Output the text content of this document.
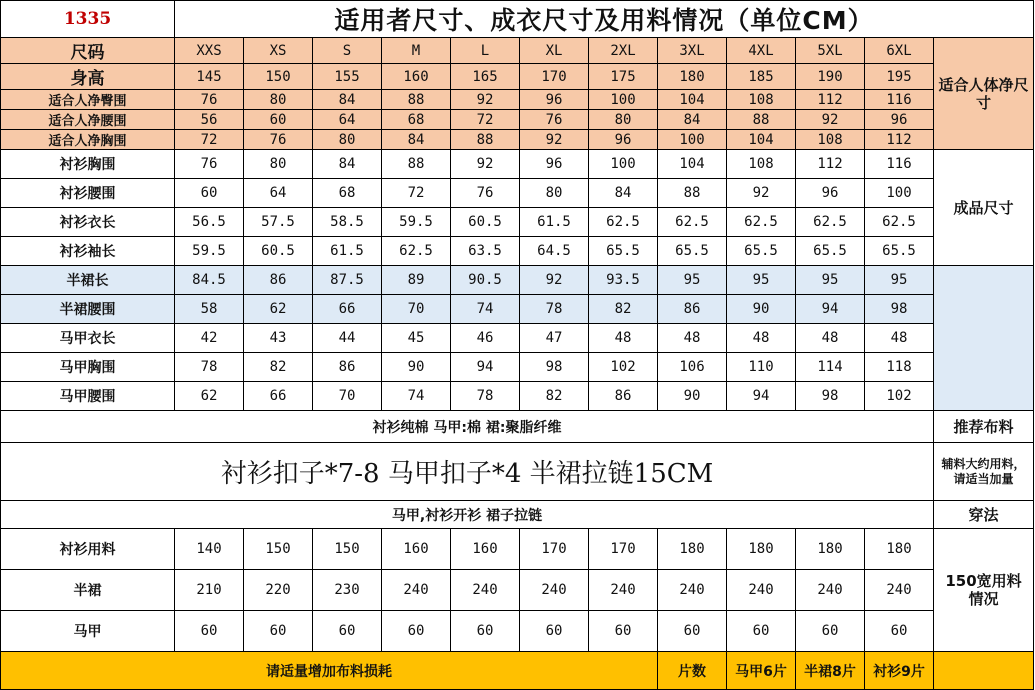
1335	适用者尺寸、成衣尺寸及用料情况（单位CM）											
尺码	XXS	XS	S	M	L	XL	2XL	3XL	4XL	5XL	6XL	适合人体净尺寸
身高	145	150	155	160	165	170	175	180	185	190	195	
适合人净臀围	76	80	84	88	92	96	100	104	108	112	116	
适合人净腰围	56	60	64	68	72	76	80	84	88	92	96	
适合人净胸围	72	76	80	84	88	92	96	100	104	108	112	
衬衫胸围	76	80	84	88	92	96	100	104	108	112	116	成品尺寸
衬衫腰围	60	64	68	72	76	80	84	88	92	96	100	
衬衫衣长	56.5	57.5	58.5	59.5	60.5	61.5	62.5	62.5	62.5	62.5	62.5	
衬衫袖长	59.5	60.5	61.5	62.5	63.5	64.5	65.5	65.5	65.5	65.5	65.5	
半裙长	84.5	86	87.5	89	90.5	92	93.5	95	95	95	95	
半裙腰围	58	62	66	70	74	78	82	86	90	94	98	
马甲衣长	42	43	44	45	46	47	48	48	48	48	48	
马甲胸围	78	82	86	90	94	98	102	106	110	114	118	
马甲腰围	62	66	70	74	78	82	86	90	94	98	102	
衬衫纯棉 马甲:棉 裙:聚脂纤维												推荐布料
衬衫扣子*7-8 马甲扣子*4 半裙拉链15CM												辅料大约用料，请适当加量
马甲,衬衫开衫 裙子拉链												穿法
衬衫用料	140	150	150	160	160	170	170	180	180	180	180	150宽用料情况
半裙	210	220	230	240	240	240	240	240	240	240	240	
马甲	60	60	60	60	60	60	60	60	60	60	60	
请适量增加布料损耗								片数	马甲6片	半裙8片	衬衫9片	
